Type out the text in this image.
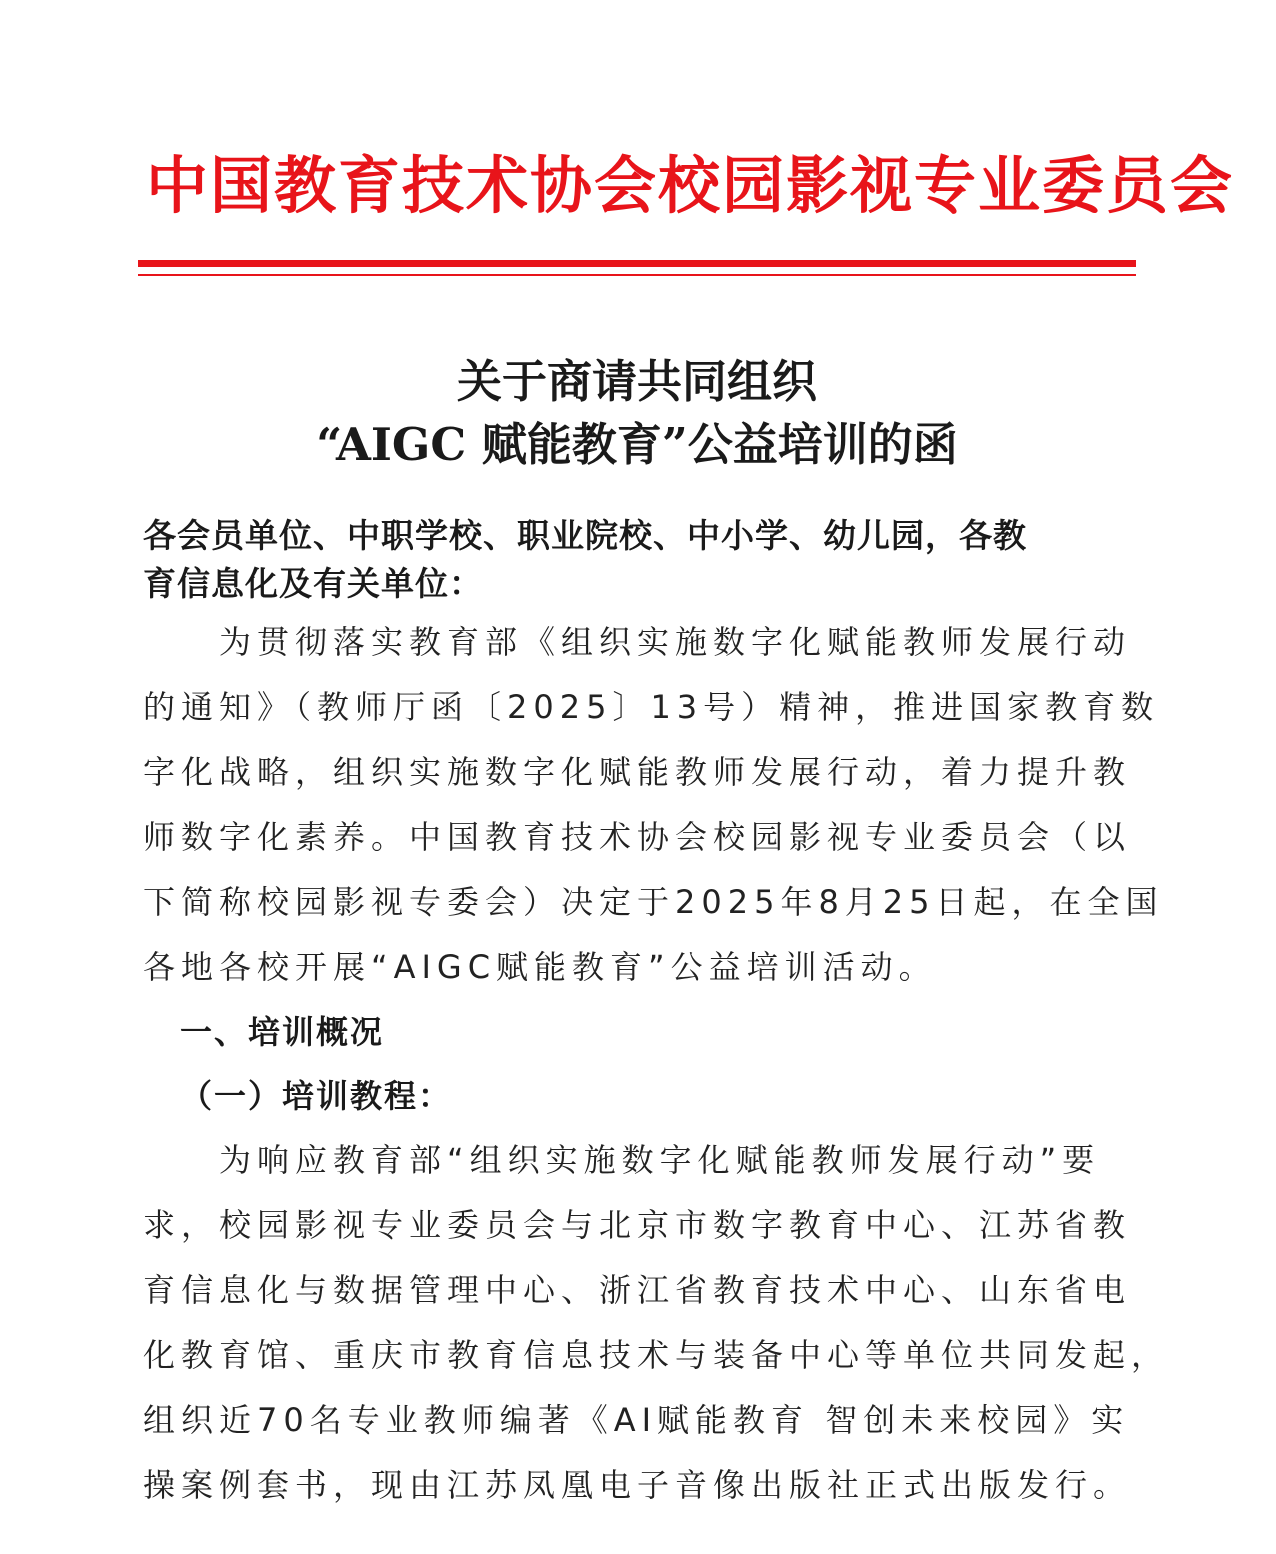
中国教育技术协会校园影视专业委员会
关于商请共同组织
“AIGC 赋能教育”公益培训的函
各会员单位、中职学校、职业院校、中小学、幼儿园，各教
育信息化及有关单位：
　　为贯彻落实教育部《组织实施数字化赋能教师发展行动
的通知》（教师厅函〔2025〕13号）精神，推进国家教育数
字化战略，组织实施数字化赋能教师发展行动，着力提升教
师数字化素养。中国教育技术协会校园影视专业委员会（以
下简称校园影视专委会）决定于2025年8月25日起，在全国
各地各校开展“AIGC赋能教育”公益培训活动。
一、培训概况
（一）培训教程：
　　为响应教育部“组织实施数字化赋能教师发展行动”要
求，校园影视专业委员会与北京市数字教育中心、江苏省教
育信息化与数据管理中心、浙江省教育技术中心、山东省电
化教育馆、重庆市教育信息技术与装备中心等单位共同发起，
组织近70名专业教师编著《AI赋能教育 智创未来校园》实
操案例套书，现由江苏凤凰电子音像出版社正式出版发行。
